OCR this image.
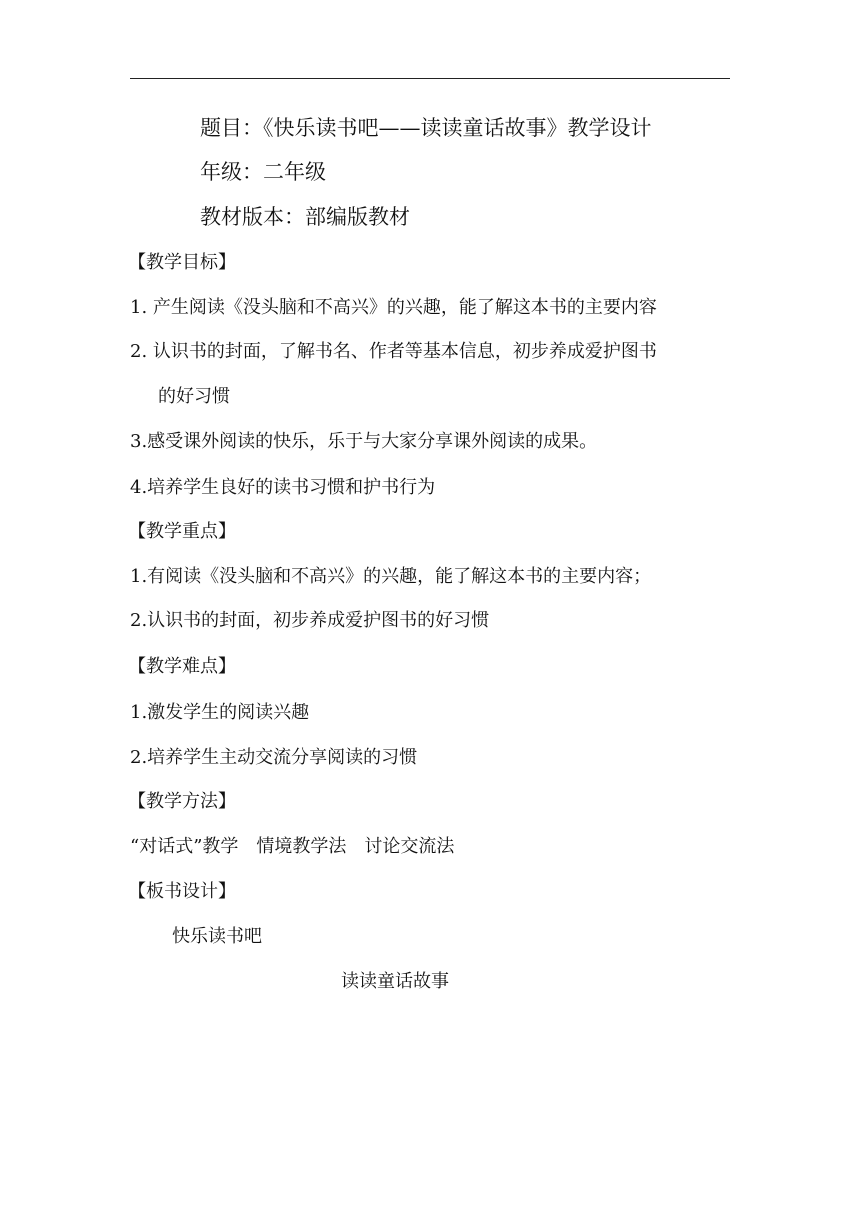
题目：《快乐读书吧——读读童话故事》教学设计
年级：二年级
教材版本：部编版教材
【教学目标】
1. 产生阅读《没头脑和不高兴》的兴趣，能了解这本书的主要内容
2. 认识书的封面，了解书名、作者等基本信息，初步养成爱护图书
的好习惯
3.感受课外阅读的快乐，乐于与大家分享课外阅读的成果。
4.培养学生良好的读书习惯和护书行为
【教学重点】
1.有阅读《没头脑和不高兴》的兴趣，能了解这本书的主要内容；
2.认识书的封面，初步养成爱护图书的好习惯
【教学难点】
1.激发学生的阅读兴趣
2.培养学生主动交流分享阅读的习惯
【教学方法】
“对话式”教学　情境教学法　讨论交流法
【板书设计】
快乐读书吧
读读童话故事
